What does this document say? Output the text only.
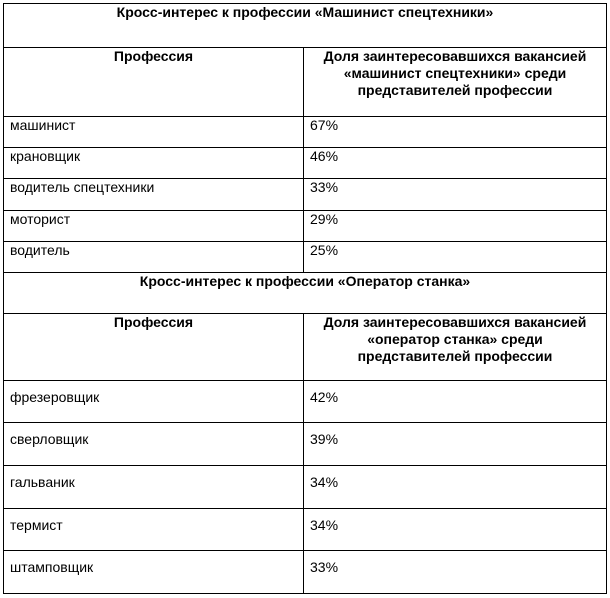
Кросс-интерес к профессии «Машинист спецтехники»	
Профессия	Доля заинтересовавшихся вакансией
«машинист спецтехники» среди
представителей профессии

машинист	67%
крановщик	46%
водитель спецтехники	33%
моторист	29%
водитель	25%
Кросс-интерес к профессии «Оператор станка»	
Профессия	Доля заинтересовавшихся вакансией
«оператор станка» среди
представителей профессии

фрезеровщик	42%
сверловщик	39%
гальваник	34%
термист	34%
штамповщик	33%
